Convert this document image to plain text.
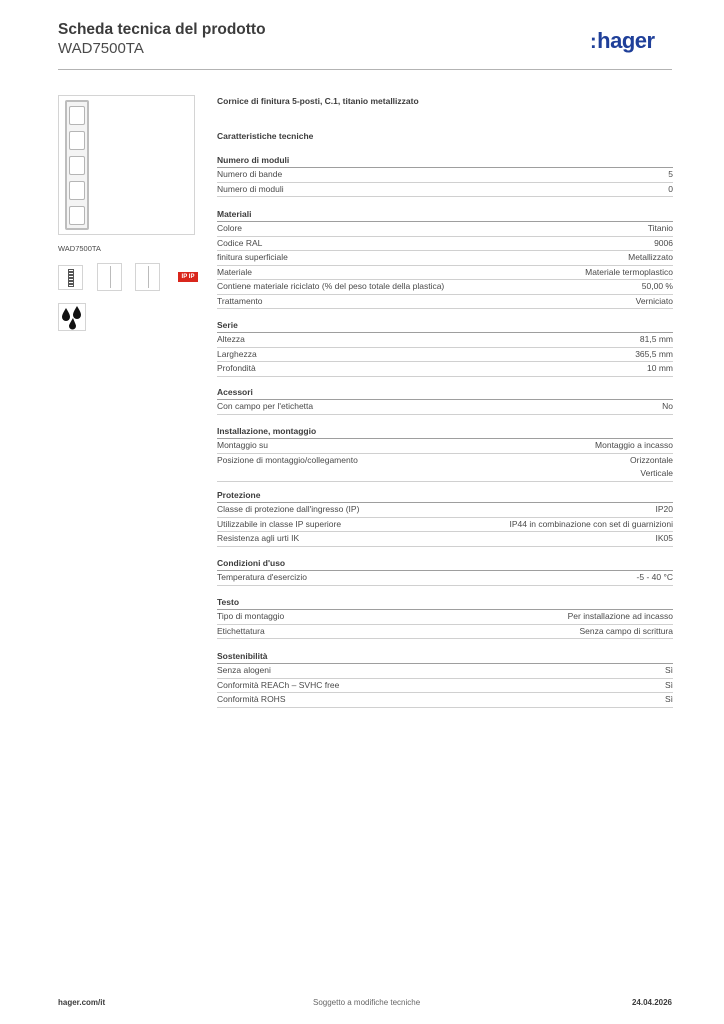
Scheda tecnica del prodotto
WAD7500TA	:hager
WAD7500TA
IP IP
Cornice di finitura 5-posti, C.1, titanio metallizzato
Caratteristiche tecniche
Numero di moduli
Numero di bande	5
Numero di moduli	0
Materiali
Colore	Titanio
Codice RAL	9006
finitura superficiale	Metallizzato
Materiale	Materiale termoplastico
Contiene materiale riciclato (% del peso totale della plastica)	50,00 %
Trattamento	Verniciato
Serie
Altezza	81,5 mm
Larghezza	365,5 mm
Profondità	10 mm
Acessori
Con campo per l'etichetta	No
Installazione, montaggio
Montaggio su	Montaggio a incasso
Posizione di montaggio/collegamento	Orizzontale
Verticale
Protezione
Classe di protezione dall'ingresso (IP)	IP20
Utilizzabile in classe IP superiore	IP44 in combinazione con set di guarnizioni
Resistenza agli urti IK	IK05
Condizioni d'uso
Temperatura d'esercizio	-5 - 40 °C
Testo
Tipo di montaggio	Per installazione ad incasso
Etichettatura	Senza campo di scrittura
Sostenibilità
Senza alogeni	Sì
Conformità REACh – SVHC free	Sì
Conformità ROHS	Sì
hager.com/it	Soggetto a modifiche tecniche	24.04.2026
